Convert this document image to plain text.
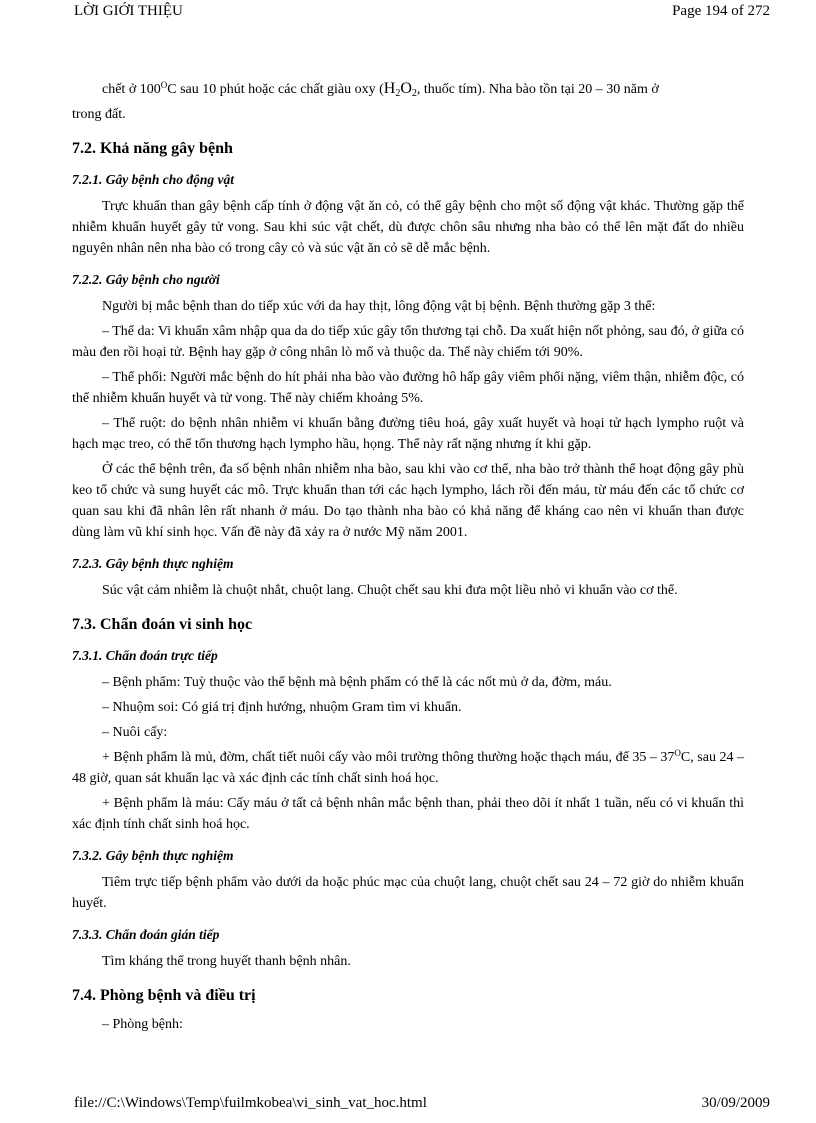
LỜI GIỚI THIỆU	Page 194 of 272

chết ở $100^OC$ sau 10 phút hoặc các chất giàu oxy ($H_2O_2$, thuốc tím). Nha bào tồn tại 20 – 30 năm ở

trong đất.

7.2. Khả năng gây bệnh
7.2.1. Gây bệnh cho động vật

Trực khuẩn than gây bệnh cấp tính ở động vật ăn cỏ, có thể gây bệnh cho một số động vật khác. Thường gặp thể nhiễm khuẩn huyết gây tử vong. Sau khi súc vật chết, dù được chôn sâu nhưng nha bào có thể lên mặt đất do nhiều nguyên nhân nên nha bào có trong cây cỏ và súc vật ăn cỏ sẽ dễ mắc bệnh.

7.2.2. Gây bệnh cho người

Người bị mắc bệnh than do tiếp xúc với da hay thịt, lông động vật bị bệnh. Bệnh thường gặp 3 thể:

– Thể da: Vi khuẩn xâm nhập qua da do tiếp xúc gây tổn thương tại chỗ. Da xuất hiện nốt phỏng, sau đó, ở giữa có màu đen rồi hoại tử. Bệnh hay gặp ở công nhân lò mổ và thuộc da. Thể này chiếm tới 90%.

– Thể phổi: Người mắc bệnh do hít phải nha bào vào đường hô hấp gây viêm phổi nặng, viêm thận, nhiễm độc, có thể nhiễm khuẩn huyết và tử vong. Thể này chiếm khoảng 5%.

– Thể ruột: do bệnh nhân nhiễm vi khuẩn bằng đường tiêu hoá, gây xuất huyết và hoại tử hạch lympho ruột và hạch mạc treo, có thể tổn thương hạch lympho hầu, họng. Thể này rất nặng nhưng ít khi gặp.

Ở các thể bệnh trên, đa số bệnh nhân nhiễm nha bào, sau khi vào cơ thể, nha bào trở thành thể hoạt động gây phù keo tổ chức và sung huyết các mô. Trực khuẩn than tới các hạch lympho, lách rồi đến máu, từ máu đến các tổ chức cơ quan sau khi đã nhân lên rất nhanh ở máu. Do tạo thành nha bào có khả năng để kháng cao nên vi khuẩn than được dùng làm vũ khí sinh học. Vấn đề này đã xảy ra ở nước Mỹ năm 2001.

7.2.3. Gây bệnh thực nghiệm

Súc vật cảm nhiễm là chuột nhắt, chuột lang. Chuột chết sau khi đưa một liều nhỏ vi khuẩn vào cơ thể.

7.3. Chẩn đoán vi sinh học
7.3.1. Chẩn đoán trực tiếp

– Bệnh phẩm: Tuỳ thuộc vào thể bệnh mà bệnh phẩm có thể là các nốt mủ ở da, đờm, máu.

– Nhuộm soi: Có giá trị định hướng, nhuộm Gram tìm vi khuẩn.

– Nuôi cấy:

+ Bệnh phẩm là mủ, đờm, chất tiết nuôi cấy vào môi trường thông thường hoặc thạch máu, để $35 - 37^OC$, sau 24 – 48 giờ, quan sát khuẩn lạc và xác định các tính chất sinh hoá học.

+ Bệnh phẩm là máu: Cấy máu ở tất cả bệnh nhân mắc bệnh than, phải theo dõi ít nhất 1 tuần, nếu có vi khuẩn thì xác định tính chất sinh hoá học.

7.3.2. Gây bệnh thực nghiệm

Tiêm trực tiếp bệnh phẩm vào dưới da hoặc phúc mạc của chuột lang, chuột chết sau 24 – 72 giờ do nhiễm khuẩn huyết.

7.3.3. Chẩn đoán gián tiếp

Tìm kháng thể trong huyết thanh bệnh nhân.

7.4. Phòng bệnh và điều trị

– Phòng bệnh:

file://C:\Windows\Temp\fuilmkobea\vi_sinh_vat_hoc.html	30/09/2009
